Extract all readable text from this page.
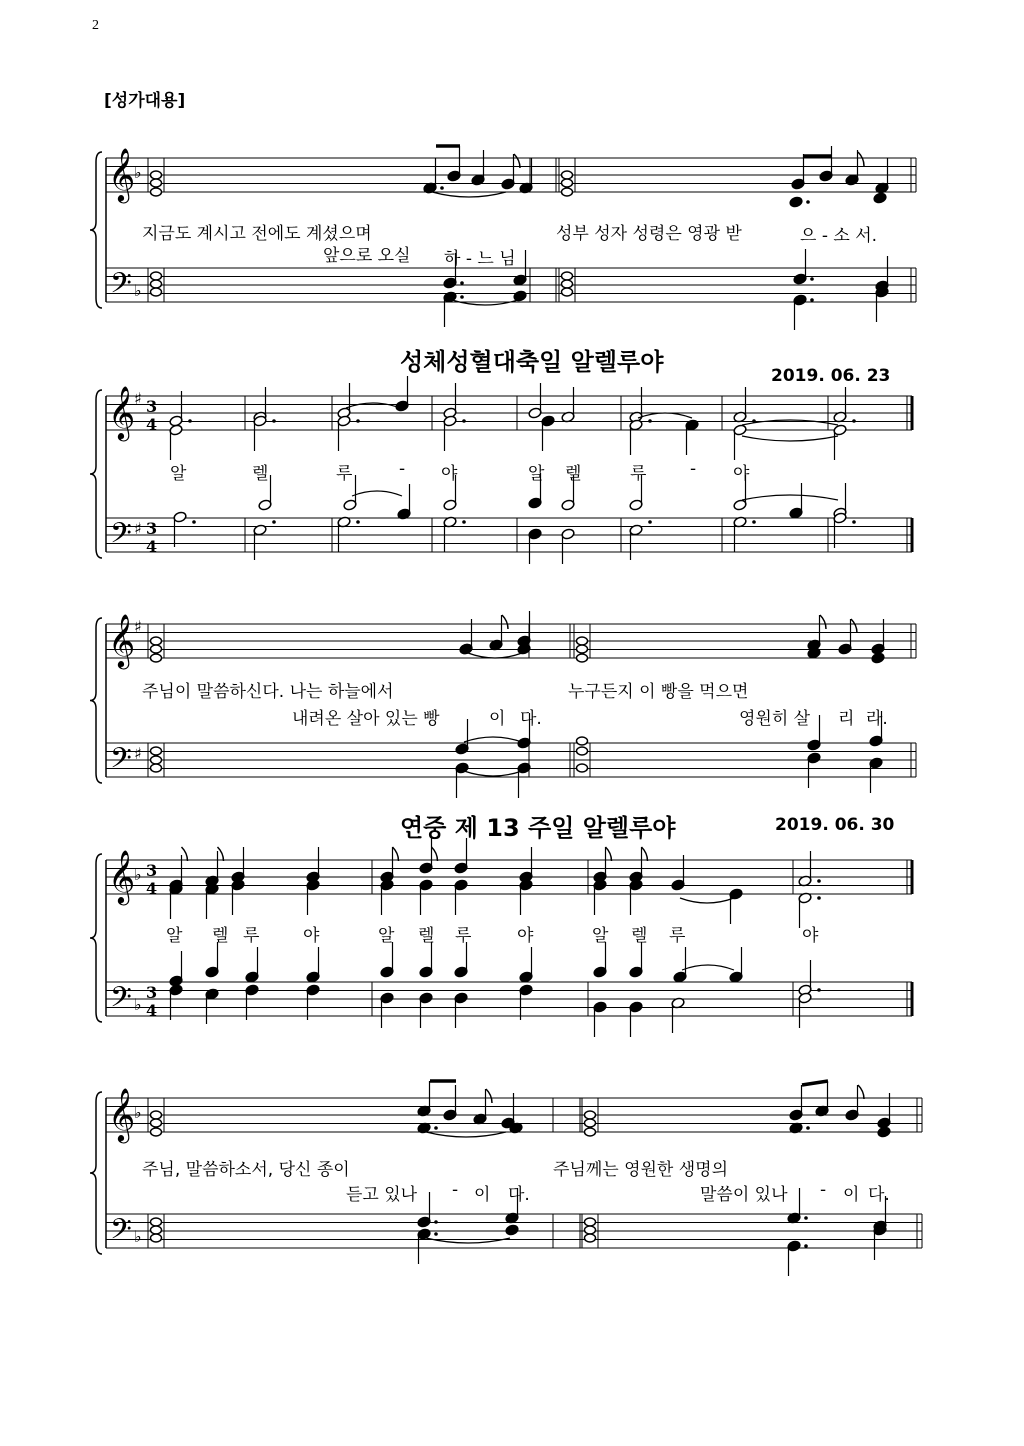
2
[성가대용]
성체성혈대축일 알렐루야	2019. 06. 23
연중 제 13 주일 알렐루야	2019. 06. 30
지금도 계시고 전에도 계셨으며	성부 성자 성령은 영광 받	으 - 소 서.
앞으로 오실 하 - 느 님
알	렐	루	- 야	알 렐	루	- 야
주님이 말씀하신다. 나는 하늘에서	누구든지 이 빵을 먹으면
내려온 살아 있는 빵	이 다.	영원히 살 리 라.
알 렐 루	야	알 렐 루	야	알 렐 루	야
주님, 말씀하소서, 당신 종이	주님께는 영원한 생명의
듣고 있나 - 이 다.	말씀이 있나 - 이 다.
𝄞
𝄢
♭
♭
𝄞
𝄢
♯
♯
3
4
3
4
𝄞
𝄢
♯
♯
𝄞
𝄢
♭
♭
3
4
3
4
𝄞
𝄢
♭
♭
